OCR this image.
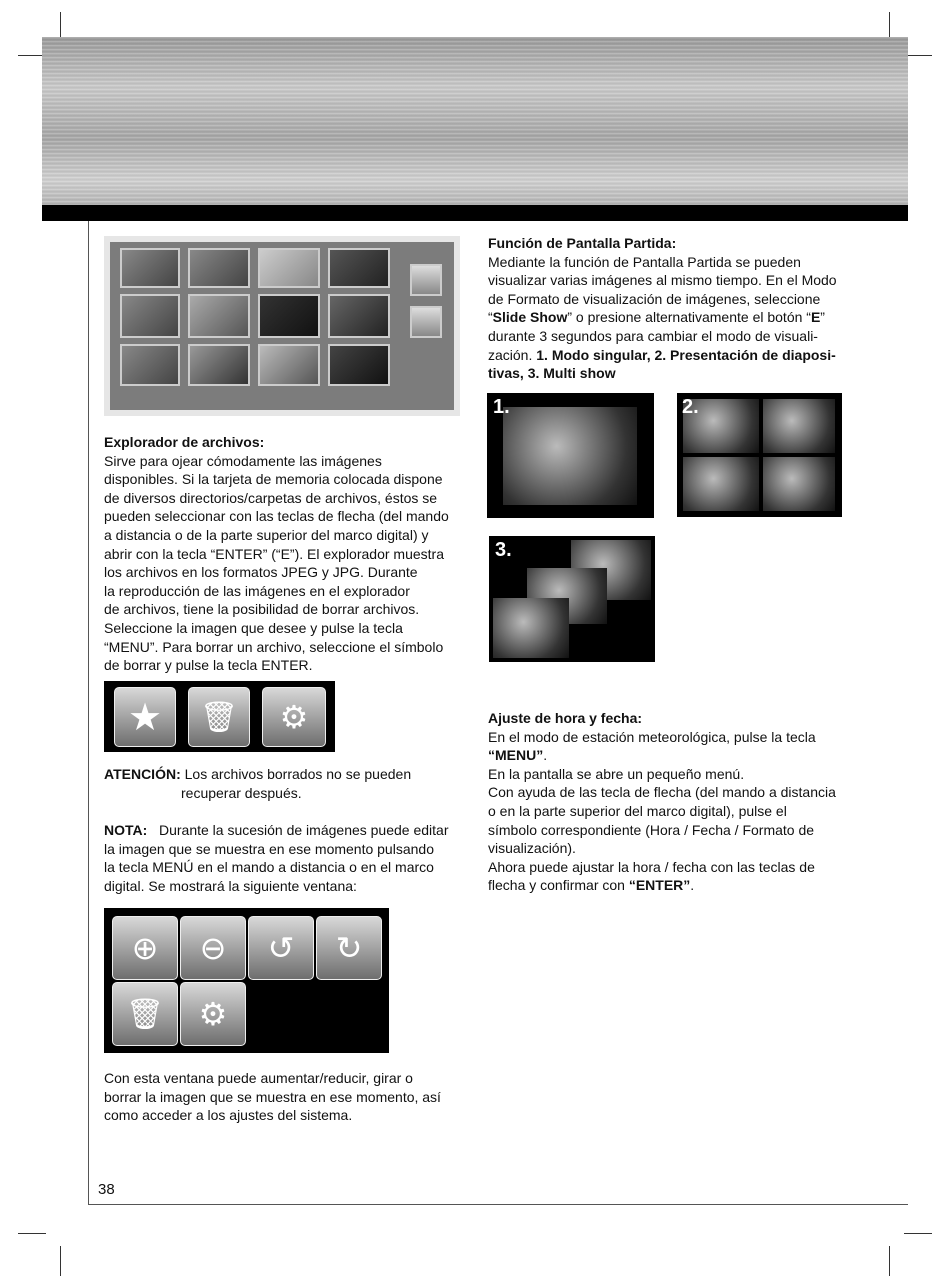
Explorador de archivos:

Sirve para ojear cómodamente las imágenes

disponibles. Si la tarjeta de memoria colocada dispone

de diversos directorios/carpetas de archivos, éstos se

pueden seleccionar con las teclas de flecha (del mando

a distancia o de la parte superior del marco digital) y

abrir con la tecla “ENTER” (“E”). El explorador muestra

los archivos en los formatos JPEG y JPG. Durante

la reproducción de las imágenes en el explorador

de archivos, tiene la posibilidad de borrar archivos.

Seleccione la imagen que desee y pulse la tecla

“MENU”. Para borrar un archivo, seleccione el símbolo

de borrar y pulse la tecla ENTER.

★	🗑	⚙

ATENCIÓN: Los archivos borrados no se pueden

recuperar después.

NOTA: Durante la sucesión de imágenes puede editar

la imagen que se muestra en ese momento pulsando

la tecla MENÚ en el mando a distancia o en el marco

digital. Se mostrará la siguiente ventana:

⊕	⊖	↺	↻
🗑	⚙

Con esta ventana puede aumentar/reducir, girar o

borrar la imagen que se muestra en ese momento, así

como acceder a los ajustes del sistema.

38

Función de Pantalla Partida:

Mediante la función de Pantalla Partida se pueden

visualizar varias imágenes al mismo tiempo. En el Modo

de Formato de visualización de imágenes, seleccione

“Slide Show” o presione alternativamente el botón “E”

durante 3 segundos para cambiar el modo de visuali-

zación. 1. Modo singular, 2. Presentación de diaposi-

tivas, 3. Multi show

1.	2.
3.

Ajuste de hora y fecha:

En el modo de estación meteorológica, pulse la tecla

“MENU”.

En la pantalla se abre un pequeño menú.

Con ayuda de las tecla de flecha (del mando a distancia

o en la parte superior del marco digital), pulse el

símbolo correspondiente (Hora / Fecha / Formato de

visualización).

Ahora puede ajustar la hora / fecha con las teclas de

flecha y confirmar con “ENTER”.
